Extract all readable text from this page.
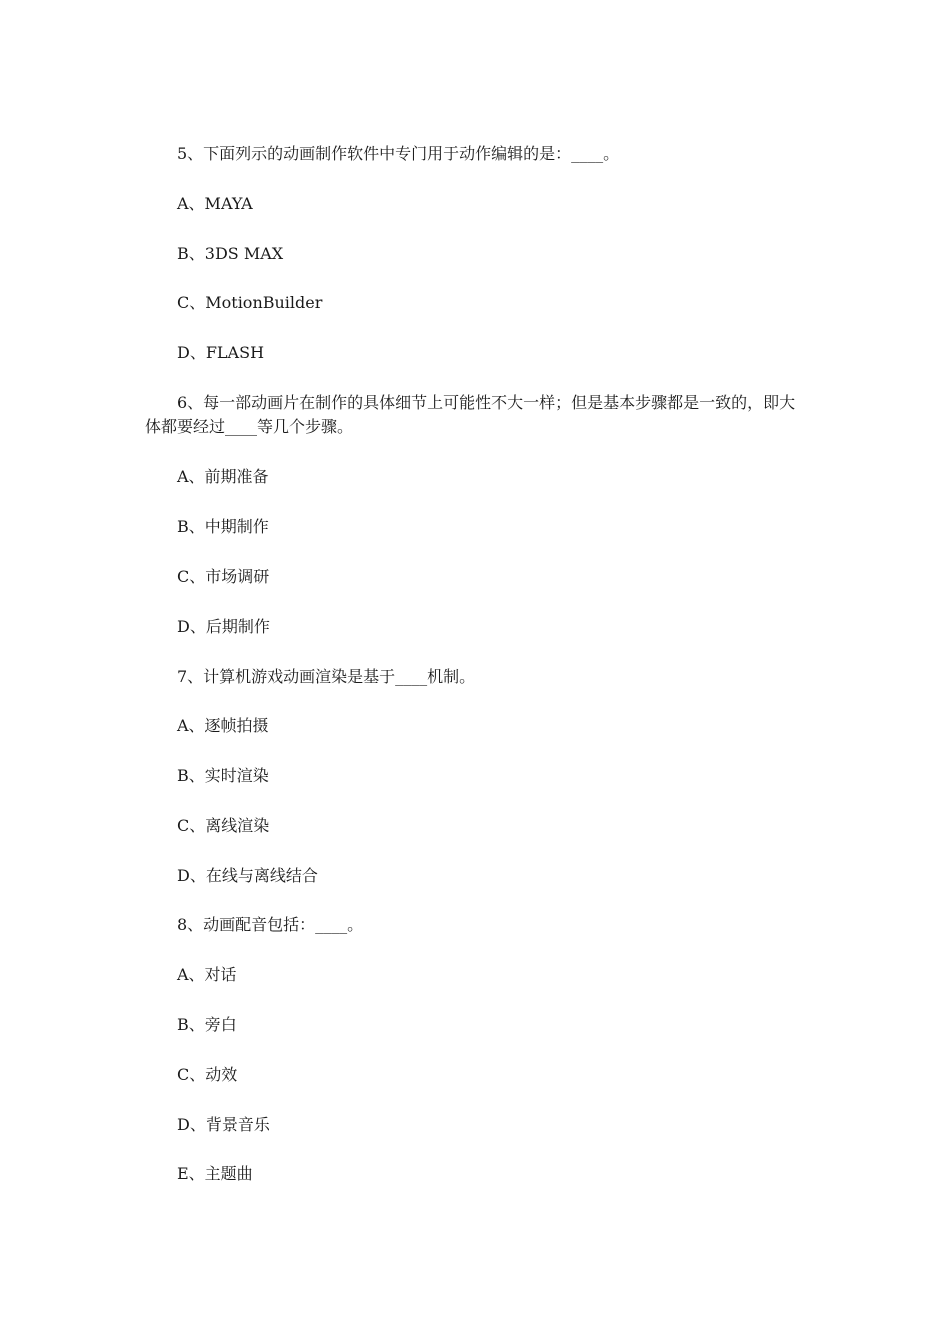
5、下面列示的动画制作软件中专门用于动作编辑的是：____。

A、MAYA

B、3DS MAX

C、MotionBuilder

D、FLASH

6、每一部动画片在制作的具体细节上可能性不大一样；但是基本步骤都是一致的，即大体都要经过____等几个步骤。

A、前期准备

B、中期制作

C、市场调研

D、后期制作

7、计算机游戏动画渲染是基于____机制。

A、逐帧拍摄

B、实时渲染

C、离线渲染

D、在线与离线结合

8、动画配音包括：____。

A、对话

B、旁白

C、动效

D、背景音乐

E、主题曲
